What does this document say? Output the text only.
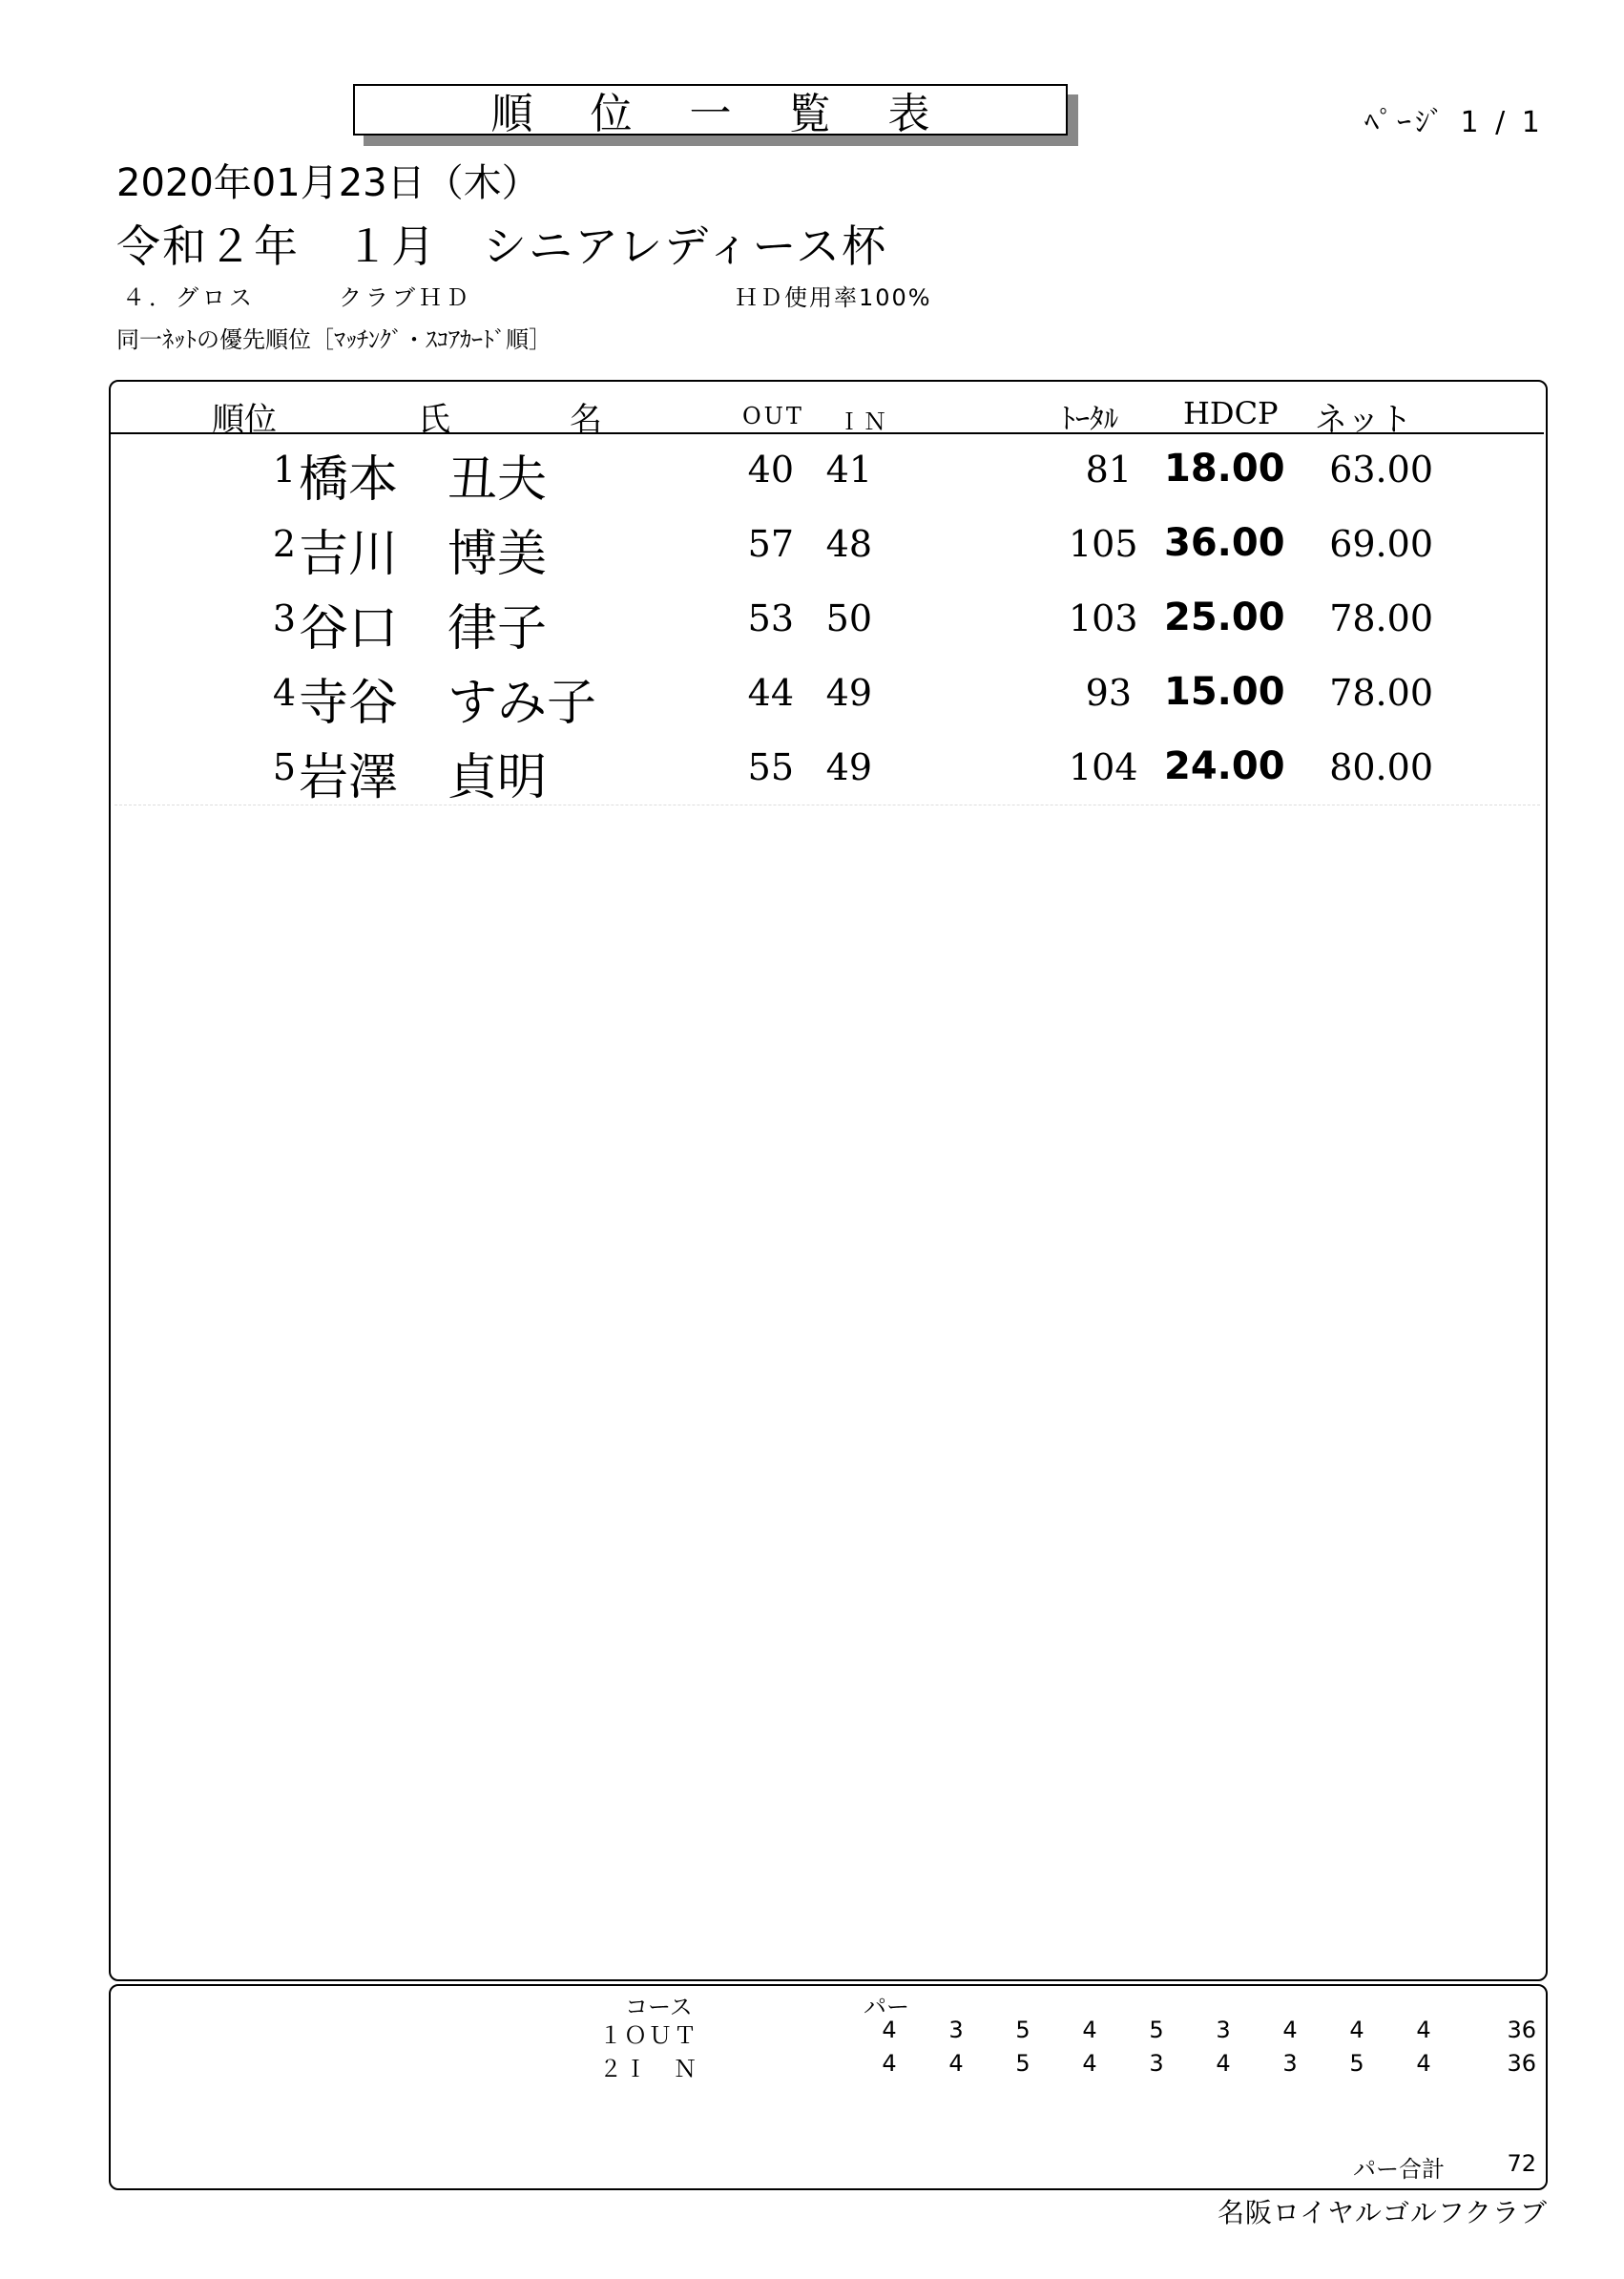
順位一覧表	ﾍﾟｰｼﾞ 1 / 1
2020年01月23日（木）
令和２年　１月　シニアレディース杯
４．グロス	クラブＨＤ	ＨＤ使用率100%
同一ﾈｯﾄの優先順位［ﾏｯﾁﾝｸﾞ・ｽｺｱｶｰﾄﾞ順］
順位	氏	名	OUT ＩＮ	ﾄｰﾀﾙ HDCP ネット
1 橋本　丑夫	40 41	81 18.00 63.00
2 吉川　博美	57 48	105 36.00 69.00
3 谷口　律子	53 50	103 25.00 78.00
4 寺谷　すみ子	44 49	93 15.00 78.00
5 岩澤　貞明	55 49	104 24.00 80.00
コース	パー
１ＯＵＴ	4	3	5	4	5	3	4	4	4	36
２Ｉ　Ｎ	4	4	5	4	3	4	3	5	4	36
パー合計	72
名阪ロイヤルゴルフクラブ
